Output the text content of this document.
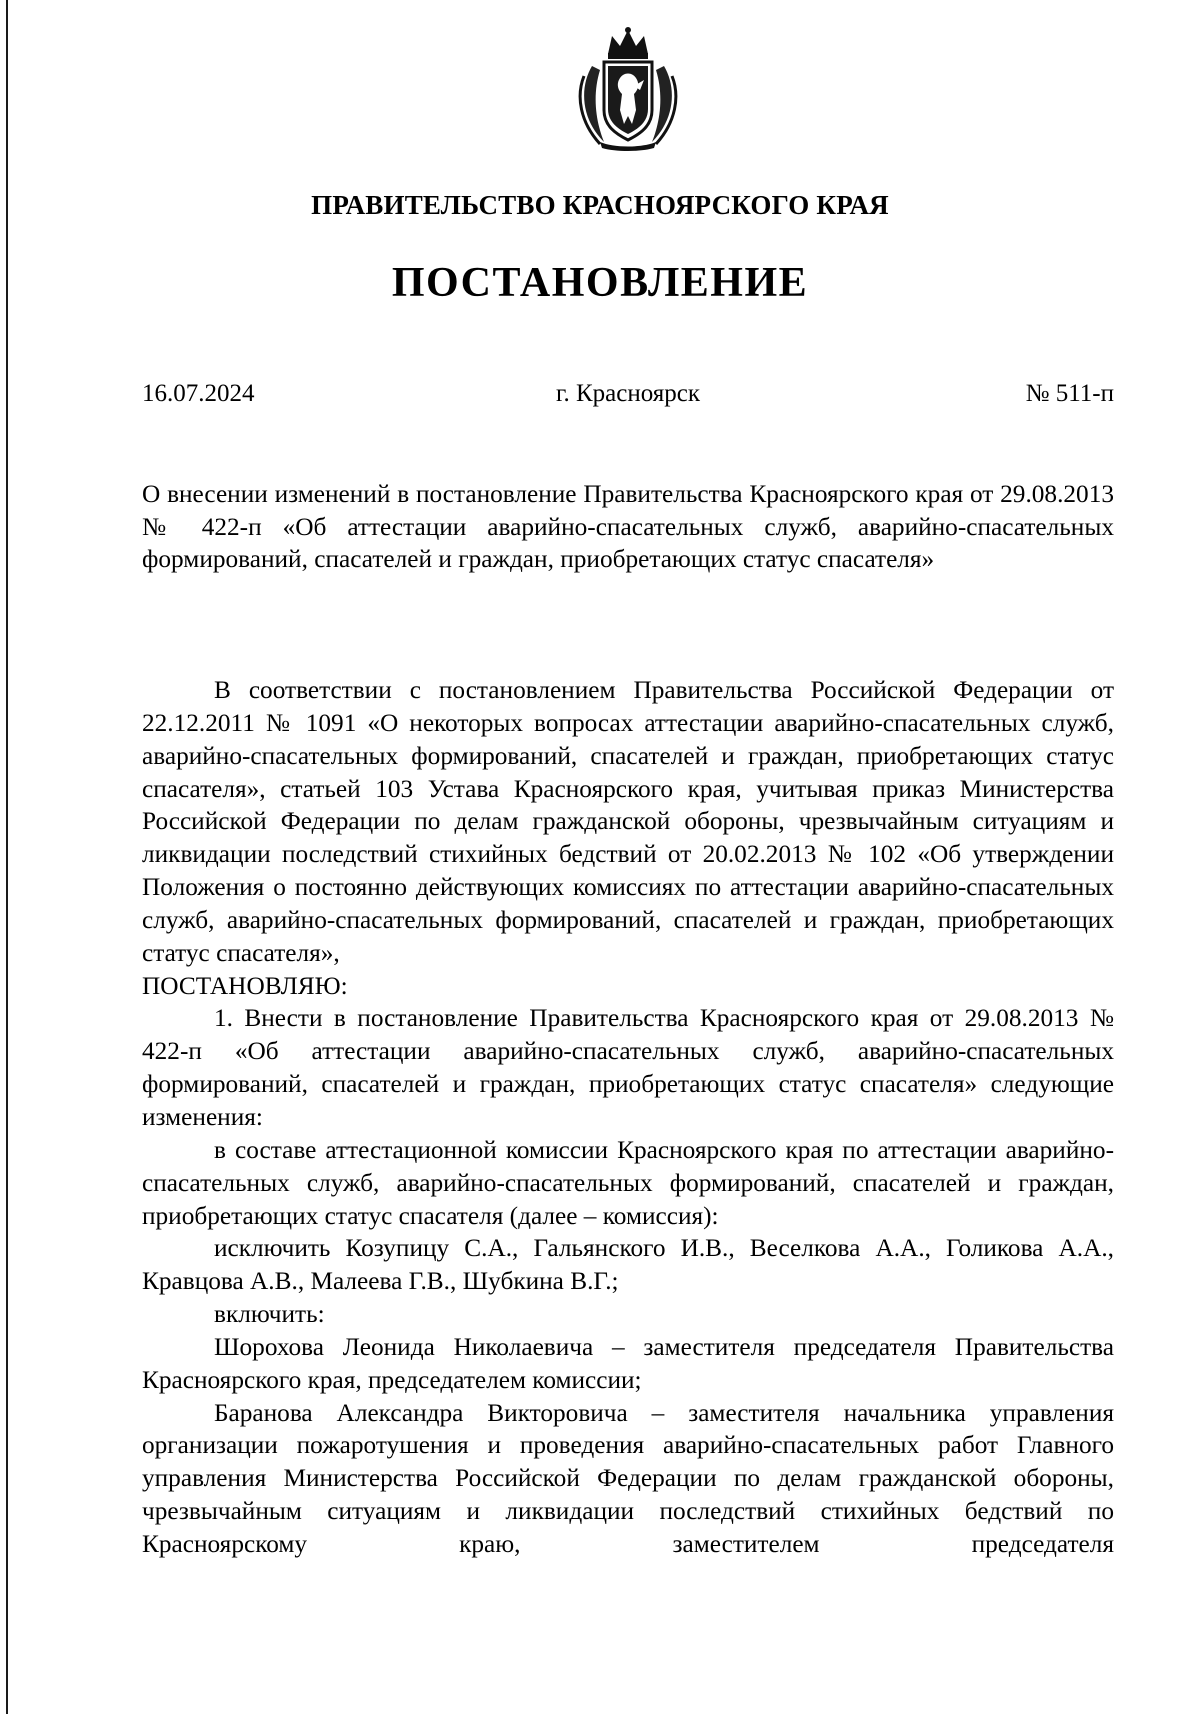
ПРАВИТЕЛЬСТВО КРАСНОЯРСКОГО КРАЯ
ПОСТАНОВЛЕНИЕ
16.07.2024	г. Красноярск	№ 511-п
О внесении изменений в постановление Правительства Красноярского края от 29.08.2013 № 422-п «Об аттестации аварийно-спасательных служб, аварийно-спасательных формирований, спасателей и граждан, приобретающих статус спасателя»

В соответствии с постановлением Правительства Российской Федерации от 22.12.2011 № 1091 «О некоторых вопросах аттестации аварийно-спасательных служб, аварийно-спасательных формирований, спасателей и граждан, приобретающих статус спасателя», статьей 103 Устава Красноярского края, учитывая приказ Министерства Российской Федерации по делам гражданской обороны, чрезвычайным ситуациям и ликвидации последствий стихийных бедствий от 20.02.2013 № 102 «Об утверждении Положения о постоянно действующих комиссиях по аттестации аварийно-спасательных служб, аварийно-спасательных формирований, спасателей и граждан, приобретающих статус спасателя»,

ПОСТАНОВЛЯЮ:

1. Внести в постановление Правительства Красноярского края от 29.08.2013 № 422-п «Об аттестации аварийно-спасательных служб, аварийно-спасательных формирований, спасателей и граждан, приобретающих статус спасателя» следующие изменения:

в составе аттестационной комиссии Красноярского края по аттестации аварийно-спасательных служб, аварийно-спасательных формирований, спасателей и граждан, приобретающих статус спасателя (далее – комиссия):

исключить Козупицу С.А., Гальянского И.В., Веселкова А.А., Голикова А.А., Кравцова А.В., Малеева Г.В., Шубкина В.Г.;

включить:

Шорохова Леонида Николаевича – заместителя председателя Правительства Красноярского края, председателем комиссии;

Баранова Александра Викторовича – заместителя начальника управления организации пожаротушения и проведения аварийно-спасательных работ Главного управления Министерства Российской Федерации по делам гражданской обороны, чрезвычайным ситуациям и ликвидации последствий стихийных бедствий по Красноярскому краю, заместителем председателя
